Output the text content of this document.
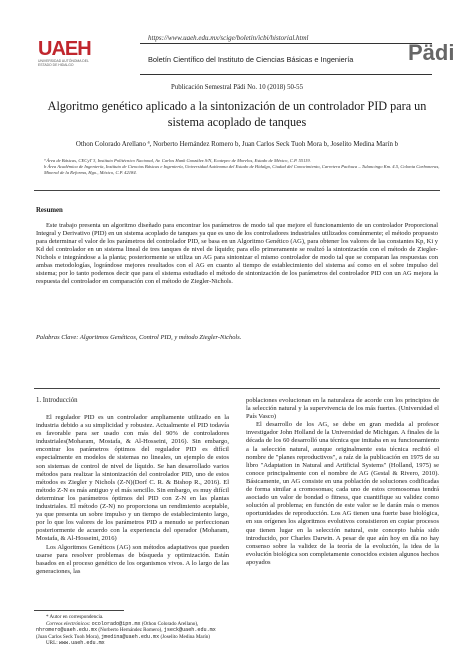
UAEH
UNIVERSIDAD AUTÓNOMA DEL ESTADO DE HIDALGO
https://www.uaeh.edu.mx/scige/boletin/icbi/historial.html
Boletín Científico del Instituto de Ciencias Básicas e Ingeniería	Pädi
Publicación Semestral Pädi No. 10 (2018) 50-55
Algoritmo genético aplicado a la sintonización de un controlador PID para un sistema acoplado de tanques
Othon Colorado Arellano ª, Norberto Hernández Romero b, Juan Carlos Seck Tuoh Mora b, Joselito Medina Marín b
ª Área de Básicas, CECyT 3, Instituto Politécnico Nacional, Av. Carlos Hank González S/N, Ecatepec de Morelos, Estado de México, C.P. 55119.
b Área Académica de Ingeniería, Instituto de Ciencias Básicas e Ingeniería, Universidad Autónoma del Estado de Hidalgo, Ciudad del Conocimiento, Carretera Pachuca – Tulancingo Km. 4.5, Colonia Carboneras, Mineral de la Reforma, Hgo., México, C.P. 42184.
Resumen

Este trabajo presenta un algoritmo diseñado para encontrar los parámetros de modo tal que mejore el funcionamiento de un controlador Proporcional Integral y Derivativo (PID) en un sistema acoplado de tanques ya que es uno de los controladores industriales utilizados comúnmente; el método propuesto para determinar el valor de los parámetros del controlador PID, se basa en un Algoritmo Genético (AG), para obtener los valores de las constantes Kp, Ki y Kd del controlador en un sistema lineal de tres tanques de nivel de líquido; para ello primeramente se realizó la sintonización con el método de Ziegler-Nichols e integrándose a la planta; posteriormente se utiliza un AG para sintonizar el mismo controlador de modo tal que se comparan las respuestas con ambas metodologías, lográndose mejores resultados con el AG en cuanto al tiempo de establecimiento del sistema así como en el sobre impulso del sistema; por lo tanto podemos decir que para el sistema estudiado el método de sintonización de los parámetros del controlador PID con un AG mejora la respuesta del controlador en comparación con el método de Ziegler-Nichols.

Palabras Clave: Algoritmos Genéticos, Control PID, y método Ziegler-Nichols.
1. Introducción

El regulador PID es un controlador ampliamente utilizado en la industria debido a su simplicidad y robustez. Actualmente el PID todavía es favorable para ser usado con más del 90% de controladores industriales(Moharam, Mostafa, & Al-Hosseini, 2016). Sin embargo, encontrar los parámetros óptimos del regulador PID es difícil especialmente en modelos de sistemas no lineales, un ejemplo de estos son sistemas de control de nivel de líquido. Se han desarrollado varios métodos para realizar la sintonización del controlador PID, uno de estos métodos es Ziegler y Nichols (Z-N)(Dorf C. R. & Bishop R., 2016). El método Z-N es más antiguo y el más sencillo. Sin embargo, es muy difícil determinar los parámetros óptimos del PID con Z-N en las plantas industriales. El método (Z-N) no proporciona un rendimiento aceptable, ya que presenta un sobre impulso y un tiempo de establecimiento largo, por lo que los valores de los parámetros PID a menudo se perfeccionan posteriormente de acuerdo con la experiencia del operador (Moharam, Mostafa, & Al-Hosseini, 2016)

Los Algoritmos Genéticos (AG) son métodos adaptativos que pueden usarse para resolver problemas de búsqueda y optimización. Están basados en el proceso genético de los organismos vivos. A lo largo de las generaciones, las

poblaciones evolucionan en la naturaleza de acorde con los principios de la selección natural y la supervivencia de los más fuertes. (Universidad el País Vasco)

El desarrollo de los AG, se debe en gran medida al profesor investigador John Holland de la Universidad de Michigan. A finales de la década de los 60 desarrolló una técnica que imitaba en su funcionamiento a la selección natural, aunque originalmente esta técnica recibió el nombre de "planes reproductivos", a raíz de la publicación en 1975 de su libro "Adaptation in Natural and Artificial Systems" (Holland, 1975) se conoce principalmente con el nombre de AG (Gestal & Rivero, 2010). Básicamente, un AG consiste en una población de soluciones codificadas de forma similar a cromosomas; cada uno de estos cromosomas tendrá asociado un valor de bondad o fitness, que cuantifique su validez como solución al problema; en función de este valor se le darán más o menos oportunidades de reproducción. Los AG tienen una fuerte base biológica, en sus orígenes los algoritmos evolutivos consistieron en copiar procesos que tienen lugar en la selección natural, este concepto había sido introducido, por Charles Darwin. A pesar de que aún hoy en día no hay consenso sobre la validez de la teoría de la evolución, la idea de la evolución biológica son completamente conocidos existen algunos hechos apoyados

* Autor en correspondencia.
Correos electrónicos: ocolorado@ipn.mx (Othon Colorado Arellano),
nhromero@uaeh.edu.mx (Norberto Hernández Romero), jseck@uaeh.edu.mx
(Juan Carlos Seck Tuoh Mora), jmedina@uaeh.edu.mx (Joselito Medina Marín)
URL: www.uaeh.edu.mx
